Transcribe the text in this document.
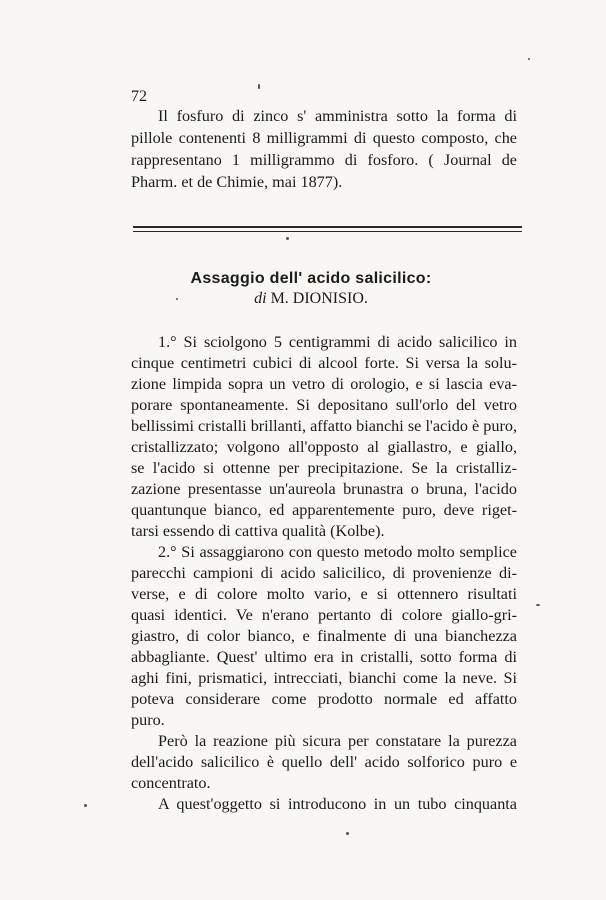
72
Il fosfuro di zinco s' amministra sotto la forma di
pillole contenenti 8 milligrammi di questo composto, che
rappresentano 1 milligrammo di fosforo. ( Journal de
Pharm. et de Chimie, mai 1877).
Assaggio dell' acido salicilico:
di M. DIONISIO.
1.° Si sciolgono 5 centigrammi di acido salicilico in
cinque centimetri cubici di alcool forte. Si versa la solu-
zione limpida sopra un vetro di orologio, e si lascia eva-
porare spontaneamente. Si depositano sull'orlo del vetro
bellissimi cristalli brillanti, affatto bianchi se l'acido è puro,
cristallizzato; volgono all'opposto al giallastro, e giallo,
se l'acido si ottenne per precipitazione. Se la cristalliz-
zazione presentasse un'aureola brunastra o bruna, l'acido
quantunque bianco, ed apparentemente puro, deve riget-
tarsi essendo di cattiva qualità (Kolbe).
2.° Si assaggiarono con questo metodo molto semplice
parecchi campioni di acido salicilico, di provenienze di-
verse, e di colore molto vario, e si ottennero risultati
quasi identici. Ve n'erano pertanto di colore giallo-gri-
giastro, di color bianco, e finalmente di una bianchezza
abbagliante. Quest' ultimo era in cristalli, sotto forma di
aghi fini, prismatici, intrecciati, bianchi come la neve. Si
poteva considerare come prodotto normale ed affatto
puro.
Però la reazione più sicura per constatare la purezza
dell'acido salicilico è quello dell' acido solforico puro e
concentrato.
A quest'oggetto si introducono in un tubo cinquanta
